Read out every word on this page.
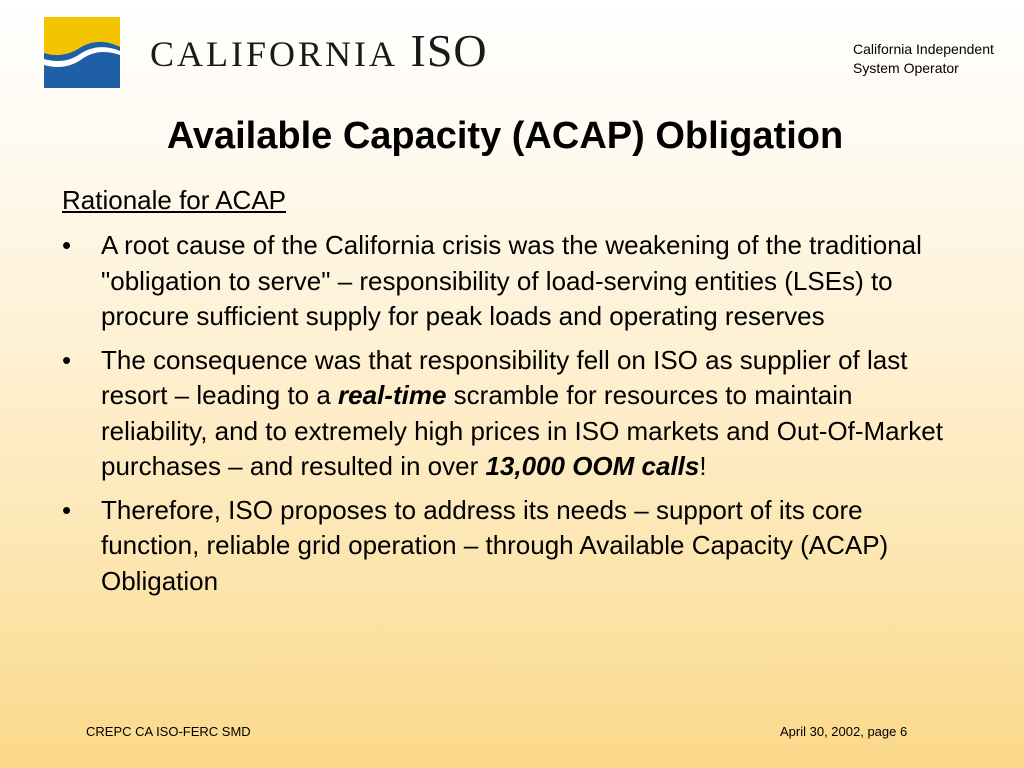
CALIFORNIA ISO	California Independent
System Operator
Available Capacity (ACAP) Obligation
Rationale for ACAP
• A root cause of the California crisis was the weakening of the traditional "obligation to serve" – responsibility of load-serving entities (LSEs) to procure sufficient supply for peak loads and operating reserves
• The consequence was that responsibility fell on ISO as supplier of last resort – leading to a real-time scramble for resources to maintain reliability, and to extremely high prices in ISO markets and Out-Of-Market purchases – and resulted in over 13,000 OOM calls!
• Therefore, ISO proposes to address its needs – support of its core function, reliable grid operation – through Available Capacity (ACAP) Obligation
CREPC CA ISO-FERC SMD	April 30, 2002, page 6
